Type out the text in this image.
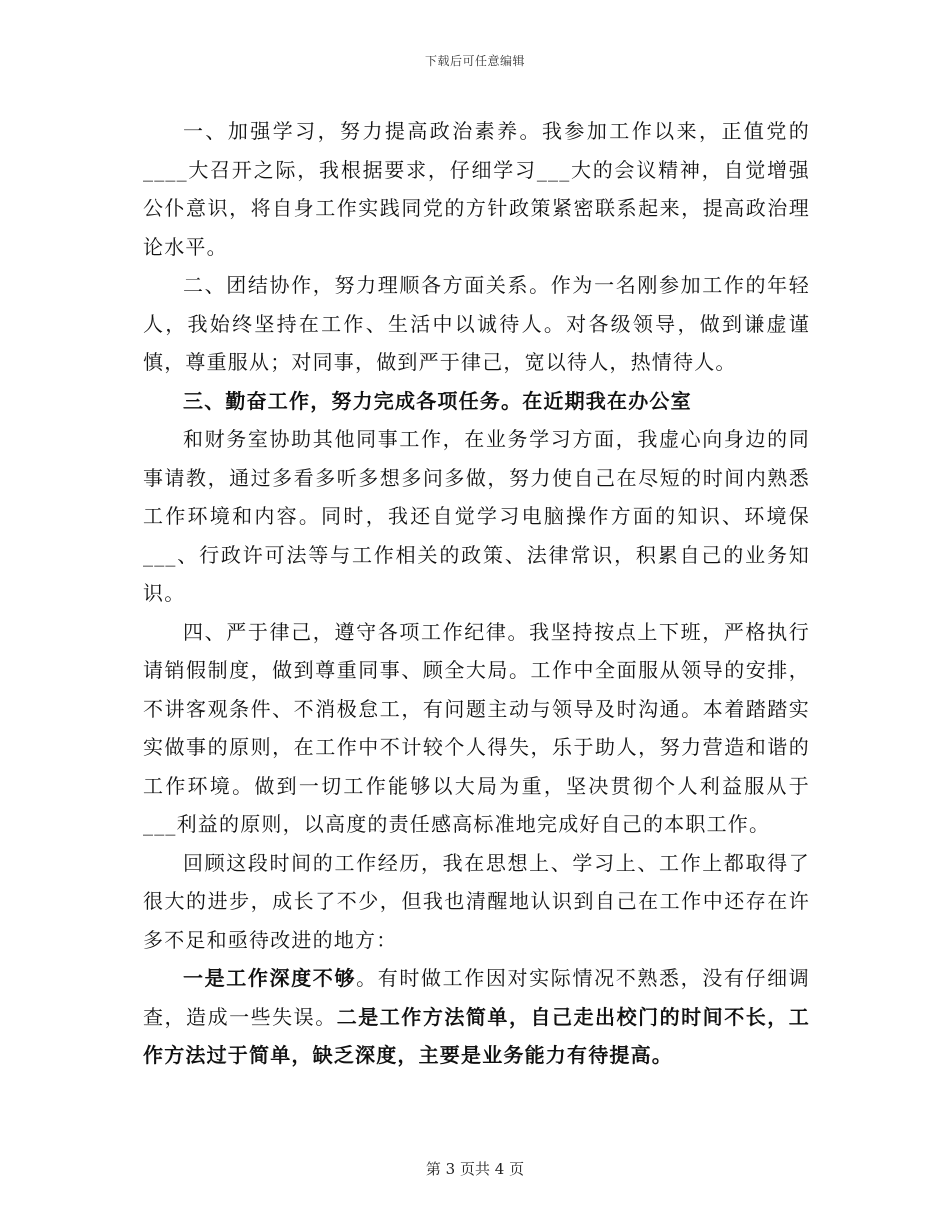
下载后可任意编辑

一、加强学习，努力提高政治素养。我参加工作以来，正值党的____大召开之际，我根据要求，仔细学习___大的会议精神，自觉增强公仆意识，将自身工作实践同党的方针政策紧密联系起来，提高政治理论水平。

二、团结协作，努力理顺各方面关系。作为一名刚参加工作的年轻人，我始终坚持在工作、生活中以诚待人。对各级领导，做到谦虚谨慎，尊重服从；对同事，做到严于律己，宽以待人，热情待人。

三、勤奋工作，努力完成各项任务。在近期我在办公室

和财务室协助其他同事工作，在业务学习方面，我虚心向身边的同事请教，通过多看多听多想多问多做，努力使自己在尽短的时间内熟悉工作环境和内容。同时，我还自觉学习电脑操作方面的知识、环境保___、行政许可法等与工作相关的政策、法律常识，积累自己的业务知识。

四、严于律己，遵守各项工作纪律。我坚持按点上下班，严格执行请销假制度，做到尊重同事、顾全大局。工作中全面服从领导的安排，不讲客观条件、不消极怠工，有问题主动与领导及时沟通。本着踏踏实实做事的原则，在工作中不计较个人得失，乐于助人，努力营造和谐的工作环境。做到一切工作能够以大局为重，坚决贯彻个人利益服从于___利益的原则，以高度的责任感高标准地完成好自己的本职工作。

回顾这段时间的工作经历，我在思想上、学习上、工作上都取得了很大的进步，成长了不少，但我也清醒地认识到自己在工作中还存在许多不足和亟待改进的地方：

一是工作深度不够。有时做工作因对实际情况不熟悉，没有仔细调查，造成一些失误。二是工作方法简单，自己走出校门的时间不长，工作方法过于简单，缺乏深度，主要是业务能力有待提高。

第 3 页共 4 页
